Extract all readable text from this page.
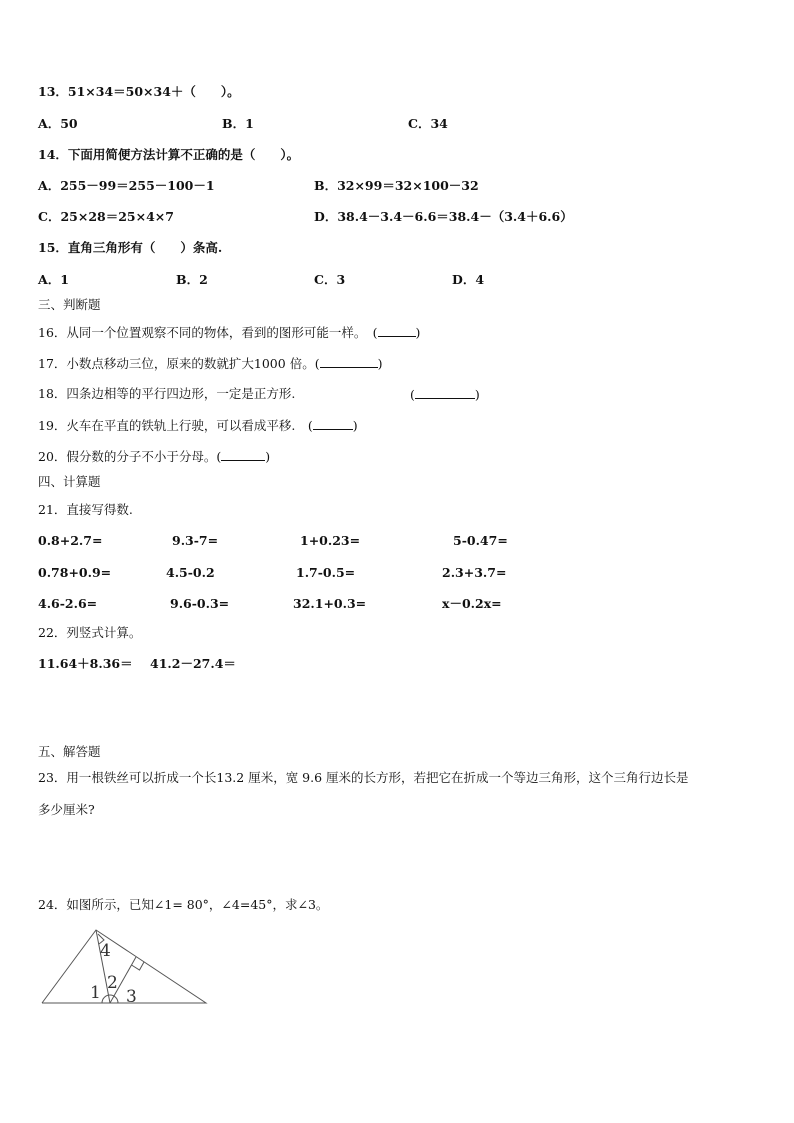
13．51×34＝50×34＋（　　）。
A．50	B．1	C．34
14．下面用简便方法计算不正确的是（　　）。
A．255－99＝255－100－1	B．32×99＝32×100－32
C．25×28＝25×4×7	D．38.4－3.4－6.6＝38.4－（3.4＋6.6）
15．直角三角形有（　　）条高.
A．1	B．2	C．3	D．4
三、判断题
16．从同一个位置观察不同的物体，看到的图形可能一样。　(	)
17．小数点移动三位，原来的数就扩大1000 倍。(	)
18．四条边相等的平行四边形，一定是正方形.	(	)
19．火车在平直的铁轨上行驶，可以看成平移.　(	)
20．假分数的分子不小于分母。(	)
四、计算题
21．直接写得数.
0.8+2.7=	9.3-7=	1+0.23=	5-0.47=
0.78+0.9=	4.5-0.2	1.7-0.5=	2.3+3.7=
4.6-2.6=	9.6-0.3=	32.1+0.3=	x－0.2x=
22．列竖式计算。
11.64＋8.36＝ 41.2－27.4＝
五、解答题
23．用一根铁丝可以折成一个长13.2 厘米，宽 9.6 厘米的长方形，若把它在折成一个等边三角形，这个三角行边长是
多少厘米?
24．如图所示，已知∠1= 80°，∠4=45°，求∠3。
4
2
1 3
